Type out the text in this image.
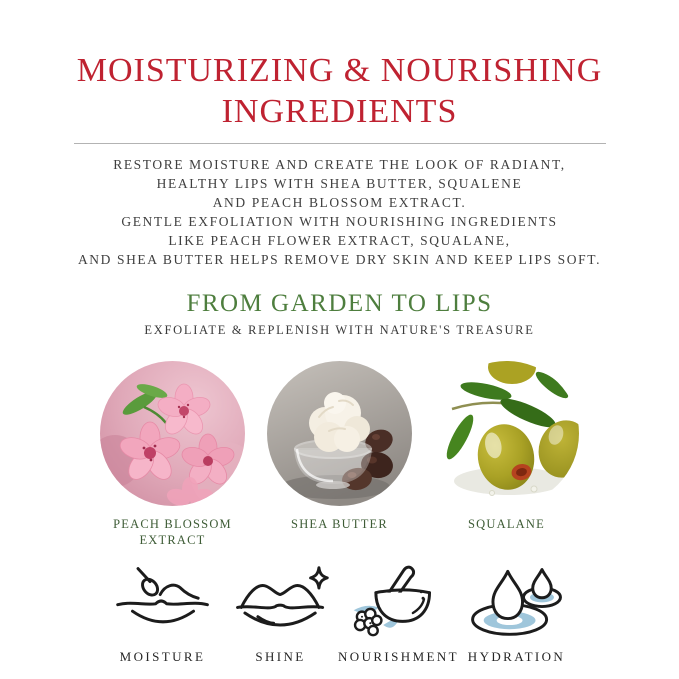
MOISTURIZING & NOURISHING
INGREDIENTS
RESTORE MOISTURE AND CREATE THE LOOK OF RADIANT,
HEALTHY LIPS WITH SHEA BUTTER, SQUALENE
AND PEACH BLOSSOM EXTRACT.
GENTLE EXFOLIATION WITH NOURISHING INGREDIENTS
LIKE PEACH FLOWER EXTRACT, SQUALANE,
AND SHEA BUTTER HELPS REMOVE DRY SKIN AND KEEP LIPS SOFT.
FROM GARDEN TO LIPS
EXFOLIATE & REPLENISH WITH NATURE'S TREASURE
PEACH BLOSSOM EXTRACT
SHEA BUTTER	SQUALANE
MOISTURE	SHINE NOURISHMENT HYDRATION
